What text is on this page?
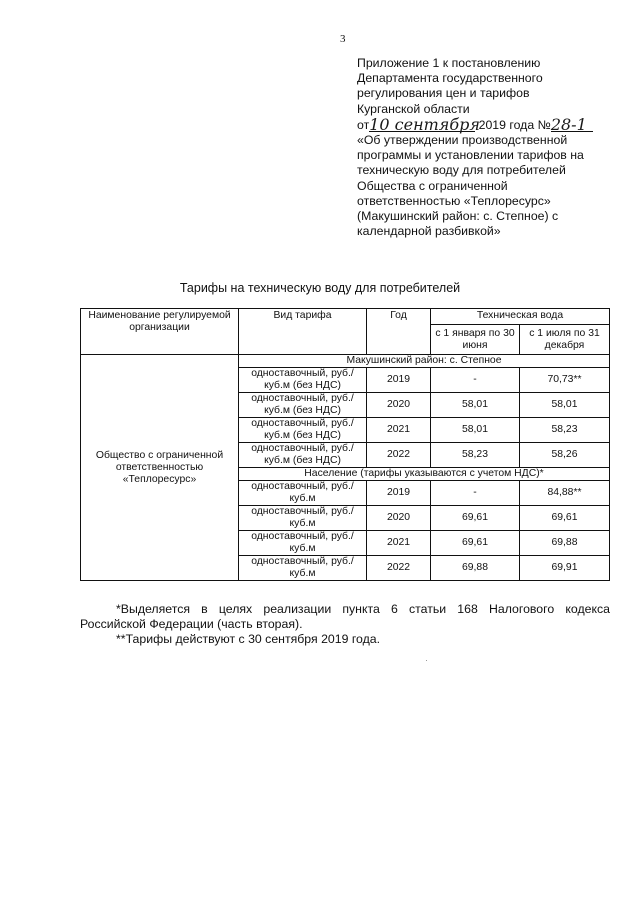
3
Приложение 1 к постановлению
Департамента государственного
регулирования цен и тарифов
Курганской области
от10 сентября 2019 года №28-1
«Об утверждении производственной
программы и установлении тарифов на
техническую воду для потребителей
Общества с ограниченной
ответственностью «Теплоресурс»
(Макушинский район: с. Степное) с
календарной разбивкой»
Тарифы на техническую воду для потребителей
Наименование регулируемой организации	Вид тарифа	Год	Техническая вода	
			с 1 января по 30 июня	с 1 июля по 31 декабря
Общество с ограниченной ответственностью «Теплоресурс»	Макушинский район: с. Степное			
	одноставочный, руб./куб.м (без НДС)	2019	-	70,73**
	одноставочный, руб./куб.м (без НДС)	2020	58,01	58,01
	одноставочный, руб./куб.м (без НДС)	2021	58,01	58,23
	одноставочный, руб./куб.м (без НДС)	2022	58,23	58,26
	Население (тарифы указываются с учетом НДС)*			
	одноставочный, руб./куб.м	2019	-	84,88**
	одноставочный, руб./куб.м	2020	69,61	69,61
	одноставочный, руб./куб.м	2021	69,61	69,88
	одноставочный, руб./куб.м	2022	69,88	69,91
*Выделяется в целях реализации пункта 6 статьи 168 Налогового кодекса
Российской Федерации (часть вторая).
**Тарифы действуют с 30 сентября 2019 года.
